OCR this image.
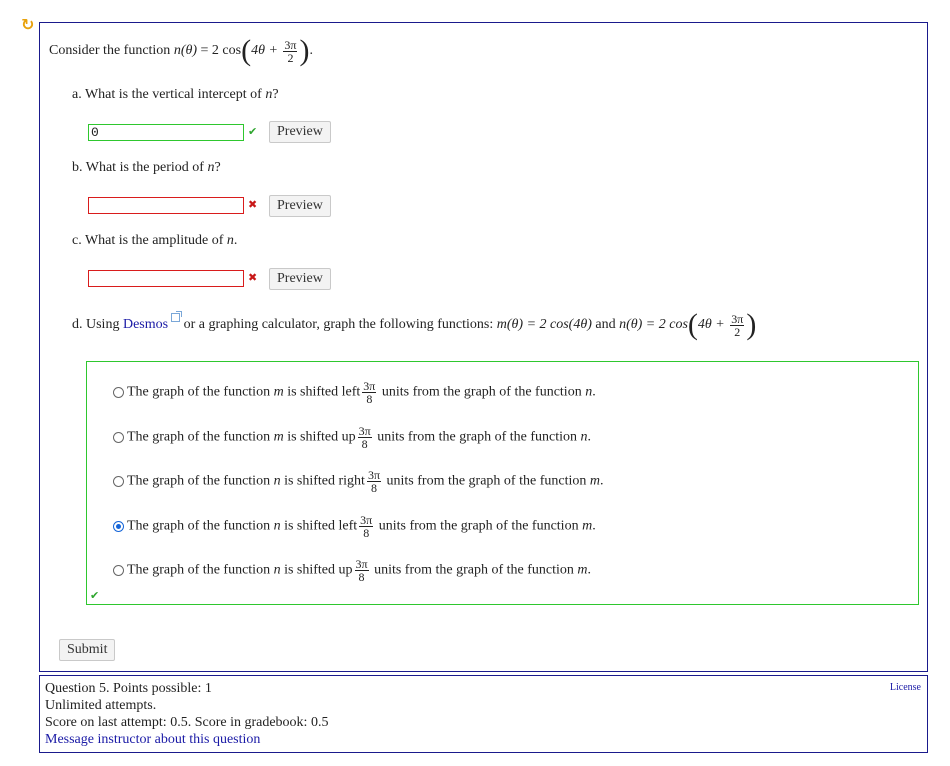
↻
Consider the function n(θ) = 2 $\cos(4\theta + \frac{3\pi}{2}$ ).
a. What is the vertical intercept of n?
0	✔	Preview
b. What is the period of n?
✖	Preview
c. What is the amplitude of n.
✖	Preview
d. Using Desmos or a graphing calculator, graph the following functions: m(θ) = 2 cos(4θ) and n(θ) = 2 $\cos(4\theta + \frac{3\pi}{2}$ )
Submit
The graph of the function m is shifted left $\frac{3\pi}{8}$ units from the graph of the function n.
The graph of the function m is shifted up $\frac{3\pi}{8}$ units from the graph of the function n.
The graph of the function n is shifted right $\frac{3\pi}{8}$ units from the graph of the function m.
The graph of the function n is shifted left $\frac{3\pi}{8}$ units from the graph of the function m.
The graph of the function n is shifted up $\frac{3\pi}{8}$ units from the graph of the function m.
✔
Question 5. Points possible: 1
Unlimited attempts.
Score on last attempt: 0.5. Score in gradebook: 0.5
Message instructor about this question
License
